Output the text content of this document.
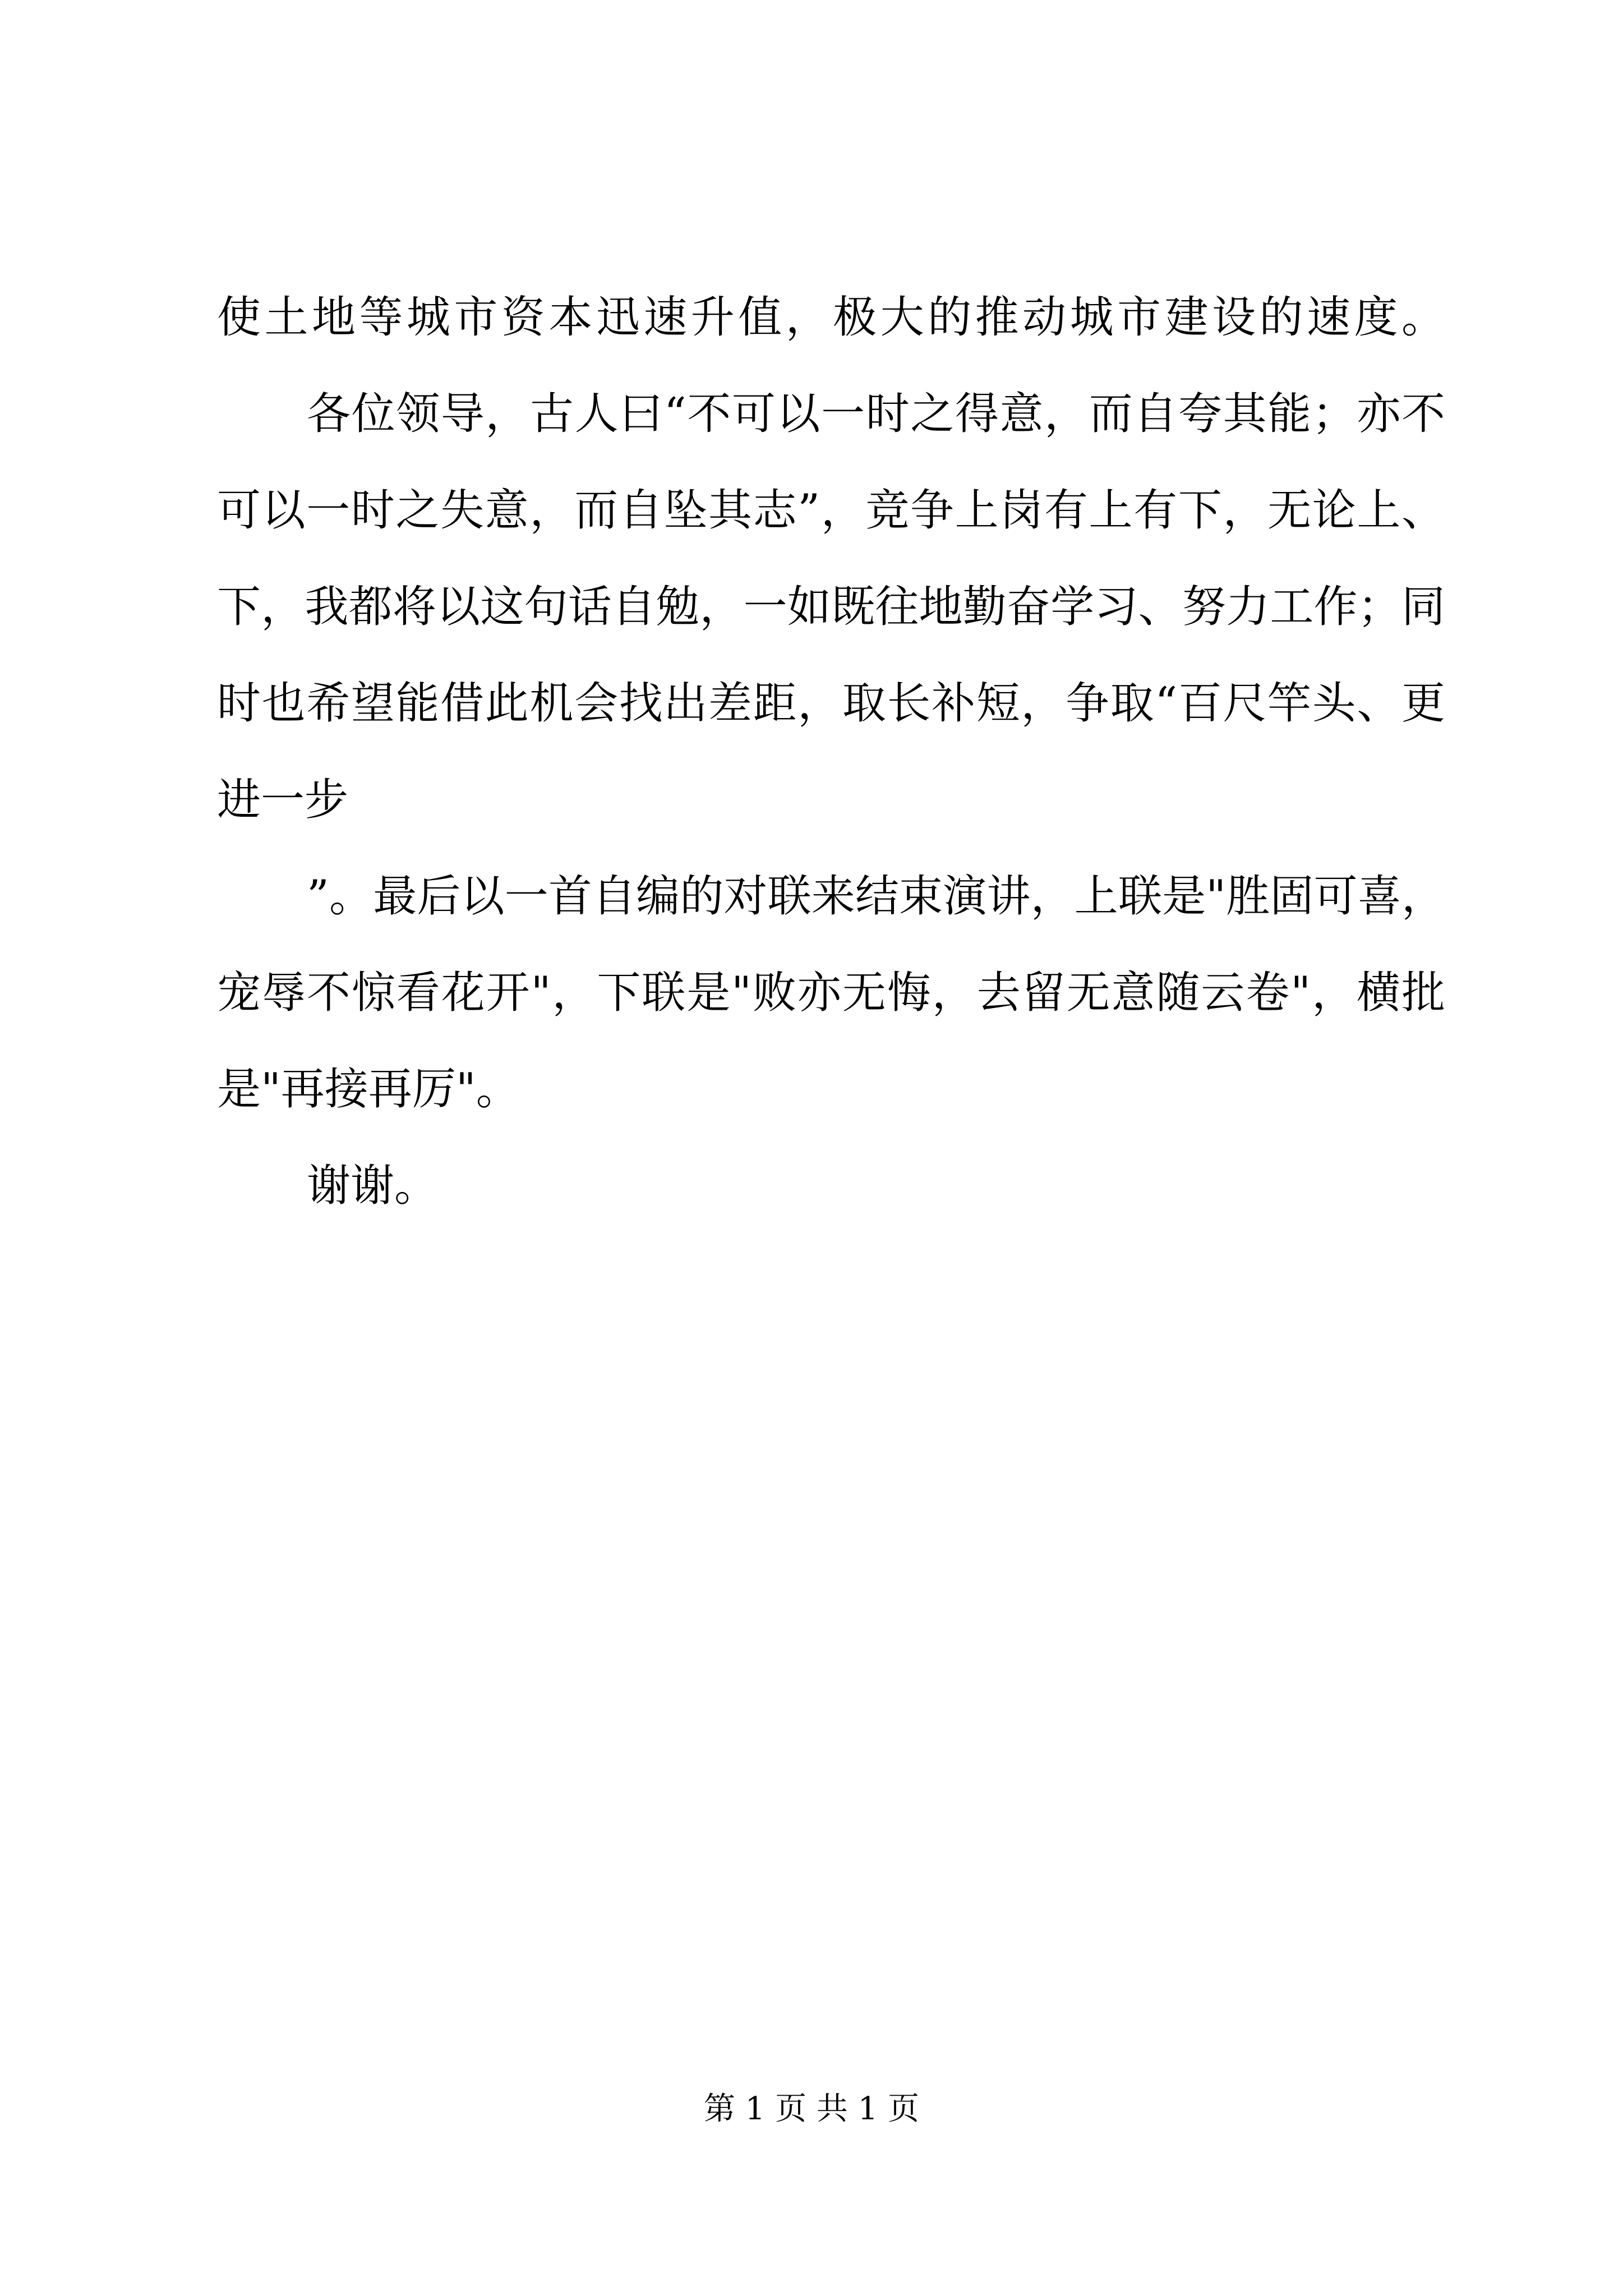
使土地等城市资本迅速升值，极大的推动城市建设的速度。
各位领导，古人曰“不可以一时之得意，而自夸其能；亦不
可以一时之失意，而自坠其志”，竞争上岗有上有下，无论上、
下，我都将以这句话自勉，一如既往地勤奋学习、努力工作；同
时也希望能借此机会找出差距，取长补短，争取“百尺竿头、更
进一步
”。最后以一首自编的对联来结束演讲，上联是"胜固可喜，
宠辱不惊看花开"，下联是"败亦无悔，去留无意随云卷"，横批
是"再接再厉"。
谢谢。
第 1 页 共 1 页
